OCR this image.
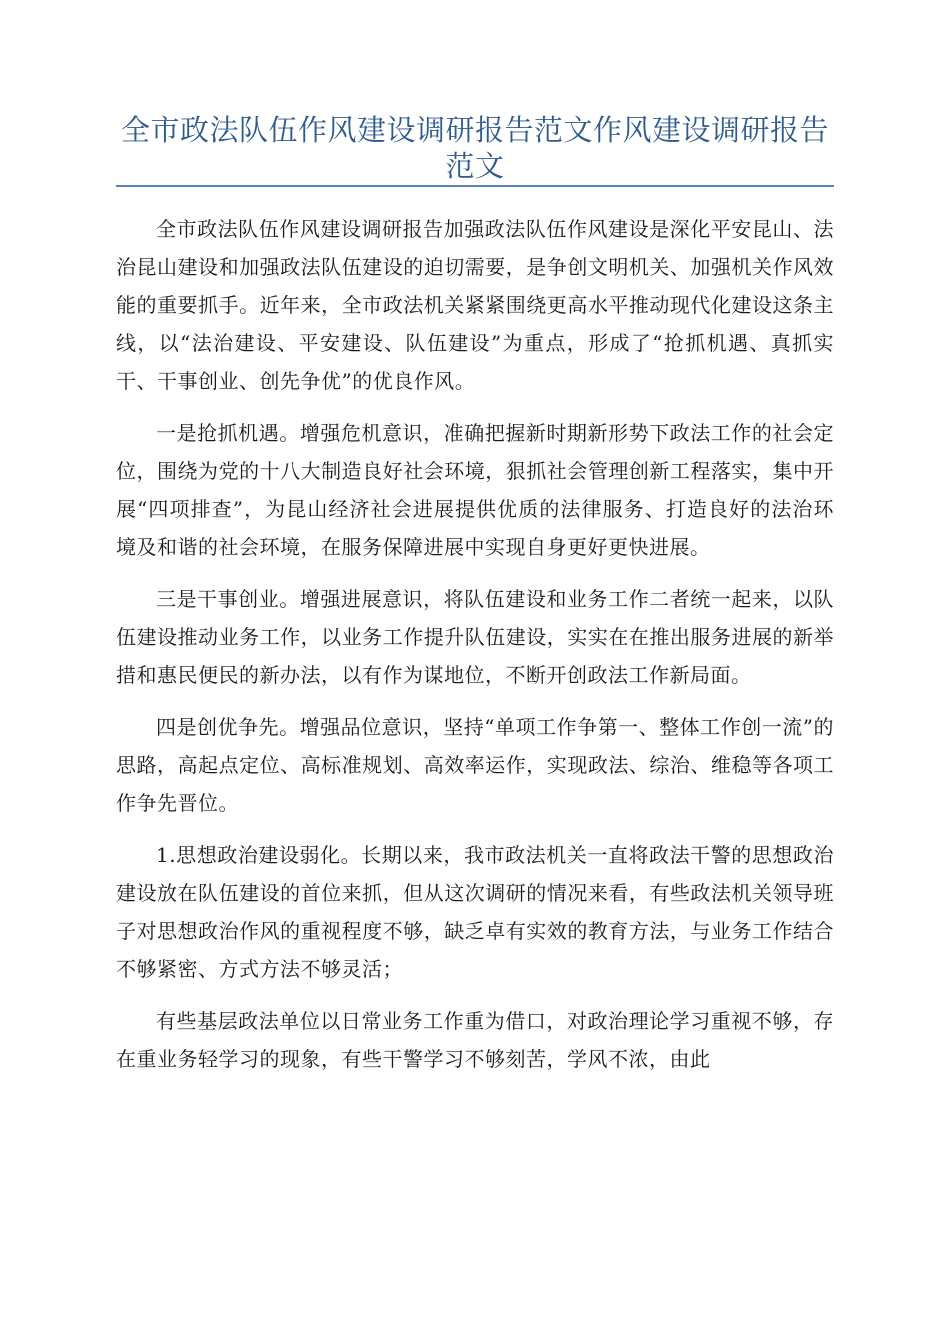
全市政法队伍作风建设调研报告范文作风建设调研报告范文

全市政法队伍作风建设调研报告加强政法队伍作风建设是深化平安昆山、法治昆山建设和加强政法队伍建设的迫切需要，是争创文明机关、加强机关作风效能的重要抓手。近年来，全市政法机关紧紧围绕更高水平推动现代化建设这条主线，以“法治建设、平安建设、队伍建设”为重点，形成了“抢抓机遇、真抓实干、干事创业、创先争优”的优良作风。

一是抢抓机遇。增强危机意识，准确把握新时期新形势下政法工作的社会定位，围绕为党的十八大制造良好社会环境，狠抓社会管理创新工程落实，集中开展“四项排查”，为昆山经济社会进展提供优质的法律服务、打造良好的法治环境及和谐的社会环境，在服务保障进展中实现自身更好更快进展。

三是干事创业。增强进展意识，将队伍建设和业务工作二者统一起来，以队伍建设推动业务工作，以业务工作提升队伍建设，实实在在推出服务进展的新举措和惠民便民的新办法，以有作为谋地位，不断开创政法工作新局面。

四是创优争先。增强品位意识，坚持“单项工作争第一、整体工作创一流”的思路，高起点定位、高标准规划、高效率运作，实现政法、综治、维稳等各项工作争先晋位。

1.思想政治建设弱化。长期以来，我市政法机关一直将政法干警的思想政治建设放在队伍建设的首位来抓，但从这次调研的情况来看，有些政法机关领导班子对思想政治作风的重视程度不够，缺乏卓有实效的教育方法，与业务工作结合不够紧密、方式方法不够灵活；

有些基层政法单位以日常业务工作重为借口，对政治理论学习重视不够，存在重业务轻学习的现象，有些干警学习不够刻苦，学风不浓，由此
